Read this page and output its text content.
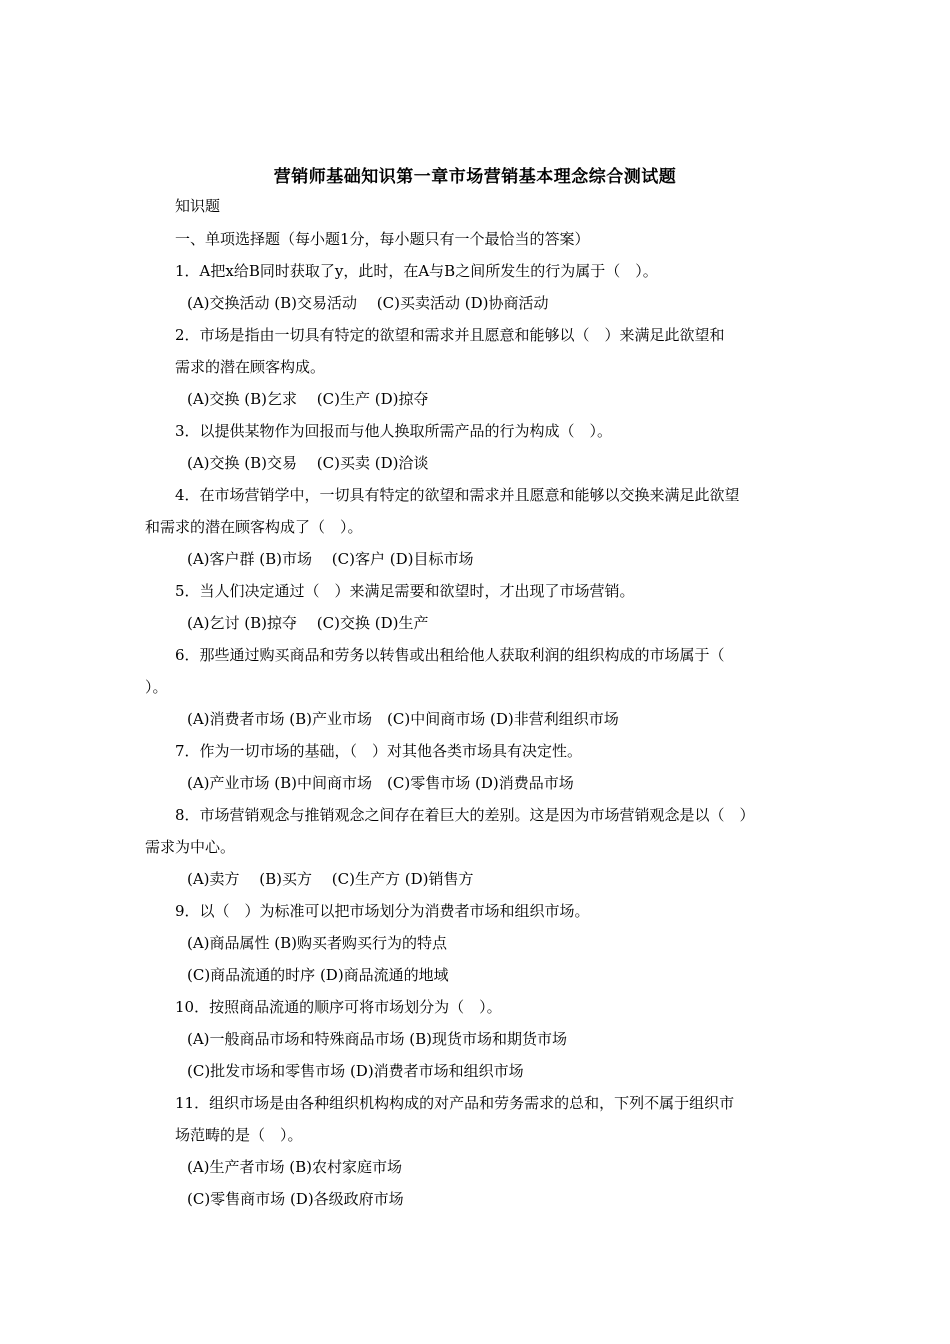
营销师基础知识第一章市场营销基本理念综合测试题
知识题
一、单项选择题（每小题1分，每小题只有一个最恰当的答案）
1．A把x给B同时获取了y，此时，在A与B之间所发生的行为属于（　）。
(A)交换活动 (B)交易活动　 (C)买卖活动 (D)协商活动
2．市场是指由一切具有特定的欲望和需求并且愿意和能够以（　）来满足此欲望和
需求的潜在顾客构成。
(A)交换 (B)乞求　 (C)生产 (D)掠夺
3．以提供某物作为回报而与他人换取所需产品的行为构成（　）。
(A)交换 (B)交易　 (C)买卖 (D)洽谈
4．在市场营销学中，一切具有特定的欲望和需求并且愿意和能够以交换来满足此欲望
和需求的潜在顾客构成了（　）。
(A)客户群 (B)市场　 (C)客户 (D)目标市场
5．当人们决定通过（　）来满足需要和欲望时，才出现了市场营销。
(A)乞讨 (B)掠夺　 (C)交换 (D)生产
6．那些通过购买商品和劳务以转售或出租给他人获取利润的组织构成的市场属于（
）。
(A)消费者市场 (B)产业市场　(C)中间商市场 (D)非营利组织市场
7．作为一切市场的基础，（　）对其他各类市场具有决定性。
(A)产业市场 (B)中间商市场　(C)零售市场 (D)消费品市场
8．市场营销观念与推销观念之间存在着巨大的差别。这是因为市场营销观念是以（　）
需求为中心。
(A)卖方　 (B)买方　 (C)生产方 (D)销售方
9．以（　）为标准可以把市场划分为消费者市场和组织市场。
(A)商品属性 (B)购买者购买行为的特点
(C)商品流通的时序 (D)商品流通的地域
10．按照商品流通的顺序可将市场划分为（　）。
(A)一般商品市场和特殊商品市场 (B)现货市场和期货市场
(C)批发市场和零售市场 (D)消费者市场和组织市场
11．组织市场是由各种组织机构构成的对产品和劳务需求的总和，下列不属于组织市
场范畴的是（　）。
(A)生产者市场 (B)农村家庭市场
(C)零售商市场 (D)各级政府市场
